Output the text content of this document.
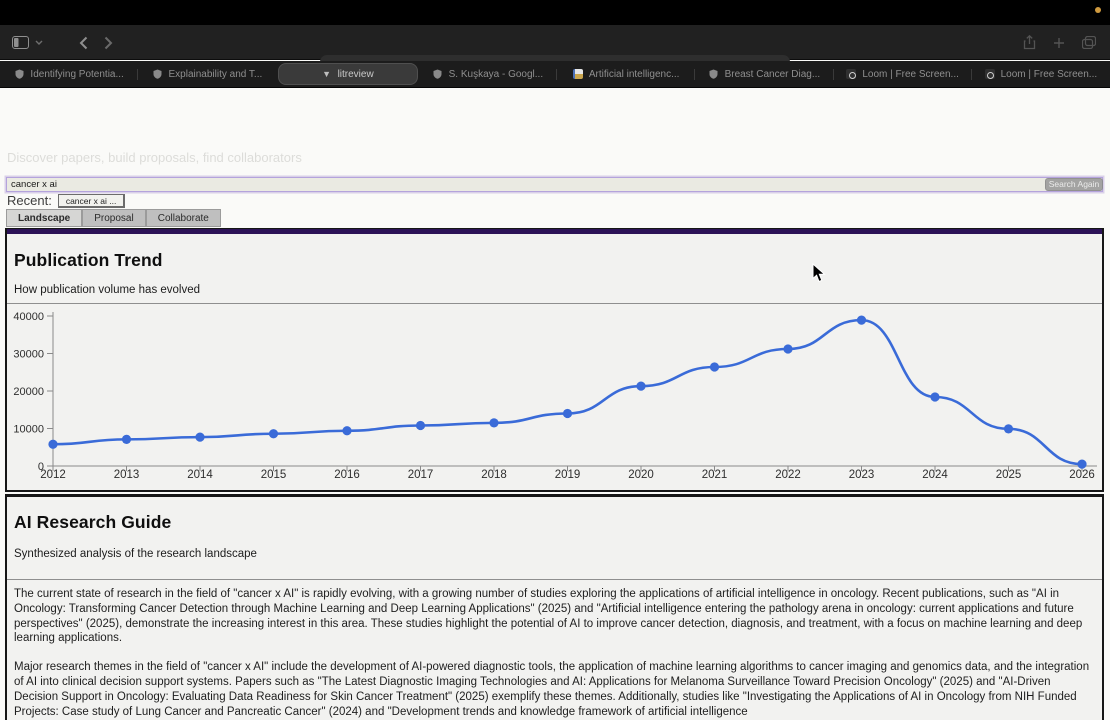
Identifying Potentia...	Explainability and T...	▼ litreview	S. Kuşkaya - Googl...	Artificial intelligenc...	Breast Cancer Diag...	Loom | Free Screen...	Loom | Free Screen...
Discover papers, build proposals, find collaborators
cancer x ai
Search Again
Recent:	cancer x ai ...
Landscape	Proposal	Collaborate
Publication Trend
How publication volume has evolved
0
10000
20000
30000
40000
2012	2013	2014	2015	2016	2017	2018	2019	2020	2021	2022	2023	2024	2025	2026
AI Research Guide
Synthesized analysis of the research landscape

The current state of research in the field of "cancer x AI" is rapidly evolving, with a growing number of studies exploring the applications of artificial intelligence in oncology. Recent publications, such as "AI in Oncology: Transforming Cancer Detection through Machine Learning and Deep Learning Applications" (2025) and "Artificial intelligence entering the pathology arena in oncology: current applications and future perspectives" (2025), demonstrate the increasing interest in this area. These studies highlight the potential of AI to improve cancer detection, diagnosis, and treatment, with a focus on machine learning and deep learning applications.

Major research themes in the field of "cancer x AI" include the development of AI-powered diagnostic tools, the application of machine learning algorithms to cancer imaging and genomics data, and the integration of AI into clinical decision support systems. Papers such as "The Latest Diagnostic Imaging Technologies and AI: Applications for Melanoma Surveillance Toward Precision Oncology" (2025) and "AI-Driven Decision Support in Oncology: Evaluating Data Readiness for Skin Cancer Treatment" (2025) exemplify these themes. Additionally, studies like "Investigating the Applications of AI in Oncology from NIH Funded Projects: Case study of Lung Cancer and Pancreatic Cancer" (2024) and "Development trends and knowledge framework of artificial intelligence
